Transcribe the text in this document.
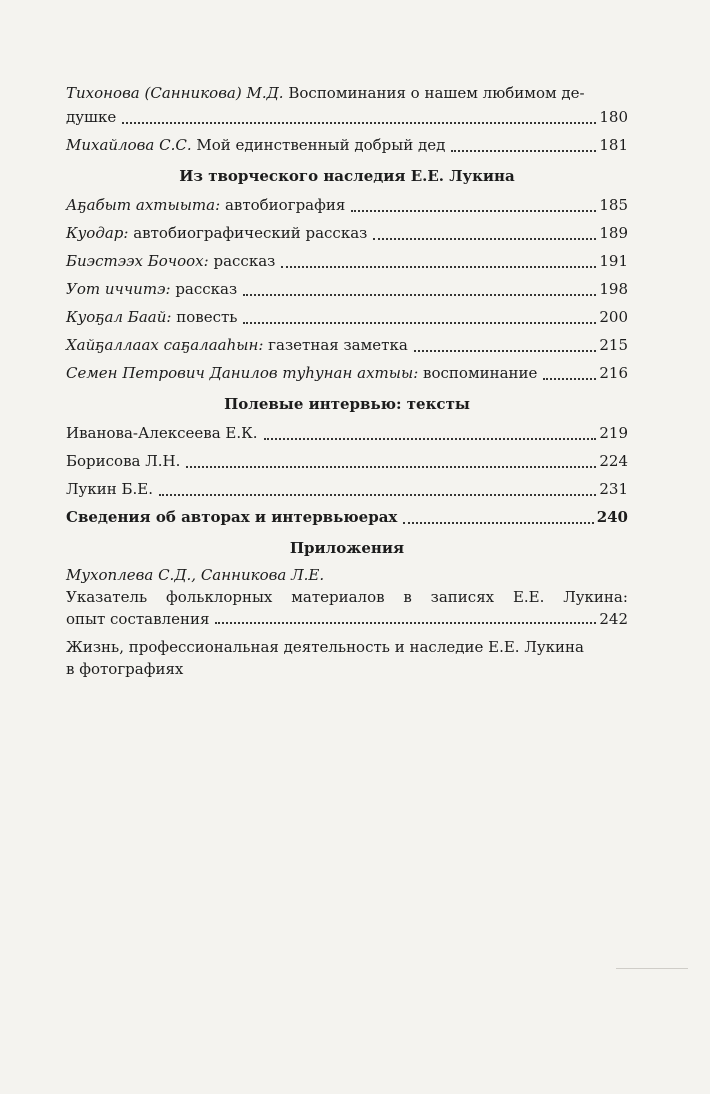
Тихонова (Санниковa) М.Д. Воспоминания о нашем любимом де-
душке	180
Михайлова С.С. Мой единственный добрый дед	181
Из творческого наследия Е.Е. Лукина
Аҕабыт ахтыыта: автобиография	185
Куодар: автобиографический рассказ	189
Биэстээх Бочоох: рассказ	191
Уот иччитэ: рассказ	198
Куоҕал Баай: повесть	200
Хайҕаллаах саҕалааһын: газетная заметка	215
Семен Петрович Данилов туһунан ахтыы: воспоминание	216
Полевые интервью: тексты
Иванова-Алексеева Е.К.	219
Борисова Л.Н.	224
Лукин Б.Е.	231
Сведения об авторах и интервьюерах	240
Приложения
Мухоплева С.Д., Санникова Л.Е.
Указатель фольклорных материалов в записях Е.Е. Лукина:
опыт составления	242
Жизнь, профессиональная деятельность и наследие Е.Е. Лукина
в фотографиях
